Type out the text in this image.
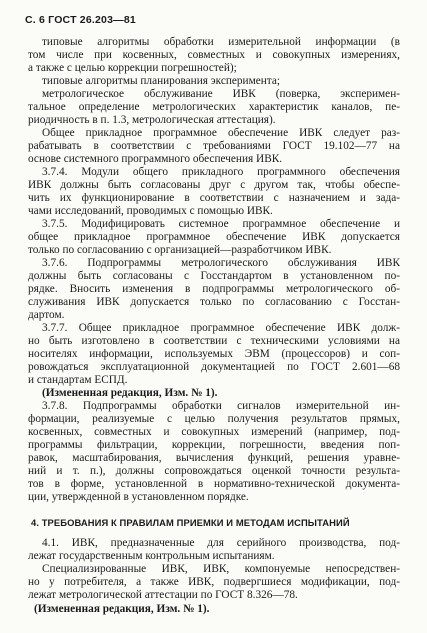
С. 6 ГОСТ 26.203—81
типовые алгоритмы обработки измерительной информации (в
том числе при косвенных, совместных и совокупных измерениях,
а также с целью коррекции погрешностей);
типовые алгоритмы планирования эксперимента;
метрологическое обслуживание ИВК (поверка, эксперимен-
тальное определение метрологических характеристик каналов, пе-
риодичность в п. 1.3, метрологическая аттестация).
Общее прикладное программное обеспечение ИВК следует раз-
рабатывать в соответствии с требованиями ГОСТ 19.102—77 на
основе системного программного обеспечения ИВК.
3.7.4. Модули общего прикладного программного обеспечения
ИВК должны быть согласованы друг с другом так, чтобы обеспе-
чить их функционирование в соответствии с назначением и зада-
чами исследований, проводимых с помощью ИВК.
3.7.5. Модифицировать системное программное обеспечение и
общее прикладное программное обеспечение ИВК допускается
только по согласованию с организацией—разработчиком ИВК.
3.7.6. Подпрограммы метрологического обслуживания ИВК
должны быть согласованы с Госстандартом в установленном по-
рядке. Вносить изменения в подпрограммы метрологического об-
служивания ИВК допускается только по согласованию с Госстан-
дартом.
3.7.7. Общее прикладное программное обеспечение ИВК долж-
но быть изготовлено в соответствии с техническими условиями на
носителях информации, используемых ЭВМ (процессоров) и соп-
ровождаться эксплуатационной документацией по ГОСТ 2.601—68
и стандартам ЕСПД.
(Измененная редакция, Изм. № 1).
3.7.8. Подпрограммы обработки сигналов измерительной ин-
формации, реализуемые с целью получения результатов прямых,
косвенных, совместных и совокупных измерений (например, под-
программы фильтрации, коррекции, погрешности, введения поп-
равок, масштабирования, вычисления функций, решения уравне-
ний и т. п.), должны сопровождаться оценкой точности результа-
тов в форме, установленной в нормативно-технической документа-
ции, утвержденной в установленном порядке.
4. ТРЕБОВАНИЯ К ПРАВИЛАМ ПРИЕМКИ И МЕТОДАМ ИСПЫТАНИЙ
4.1. ИВК, предназначенные для серийного производства, под-
лежат государственным контрольным испытаниям.
Специализированные ИВК, ИВК, компонуемые непосредствен-
но у потребителя, а также ИВК, подвергшиеся модификации, под-
лежат метрологической аттестации по ГОСТ 8.326—78.
(Измененная редакция, Изм. № 1).
